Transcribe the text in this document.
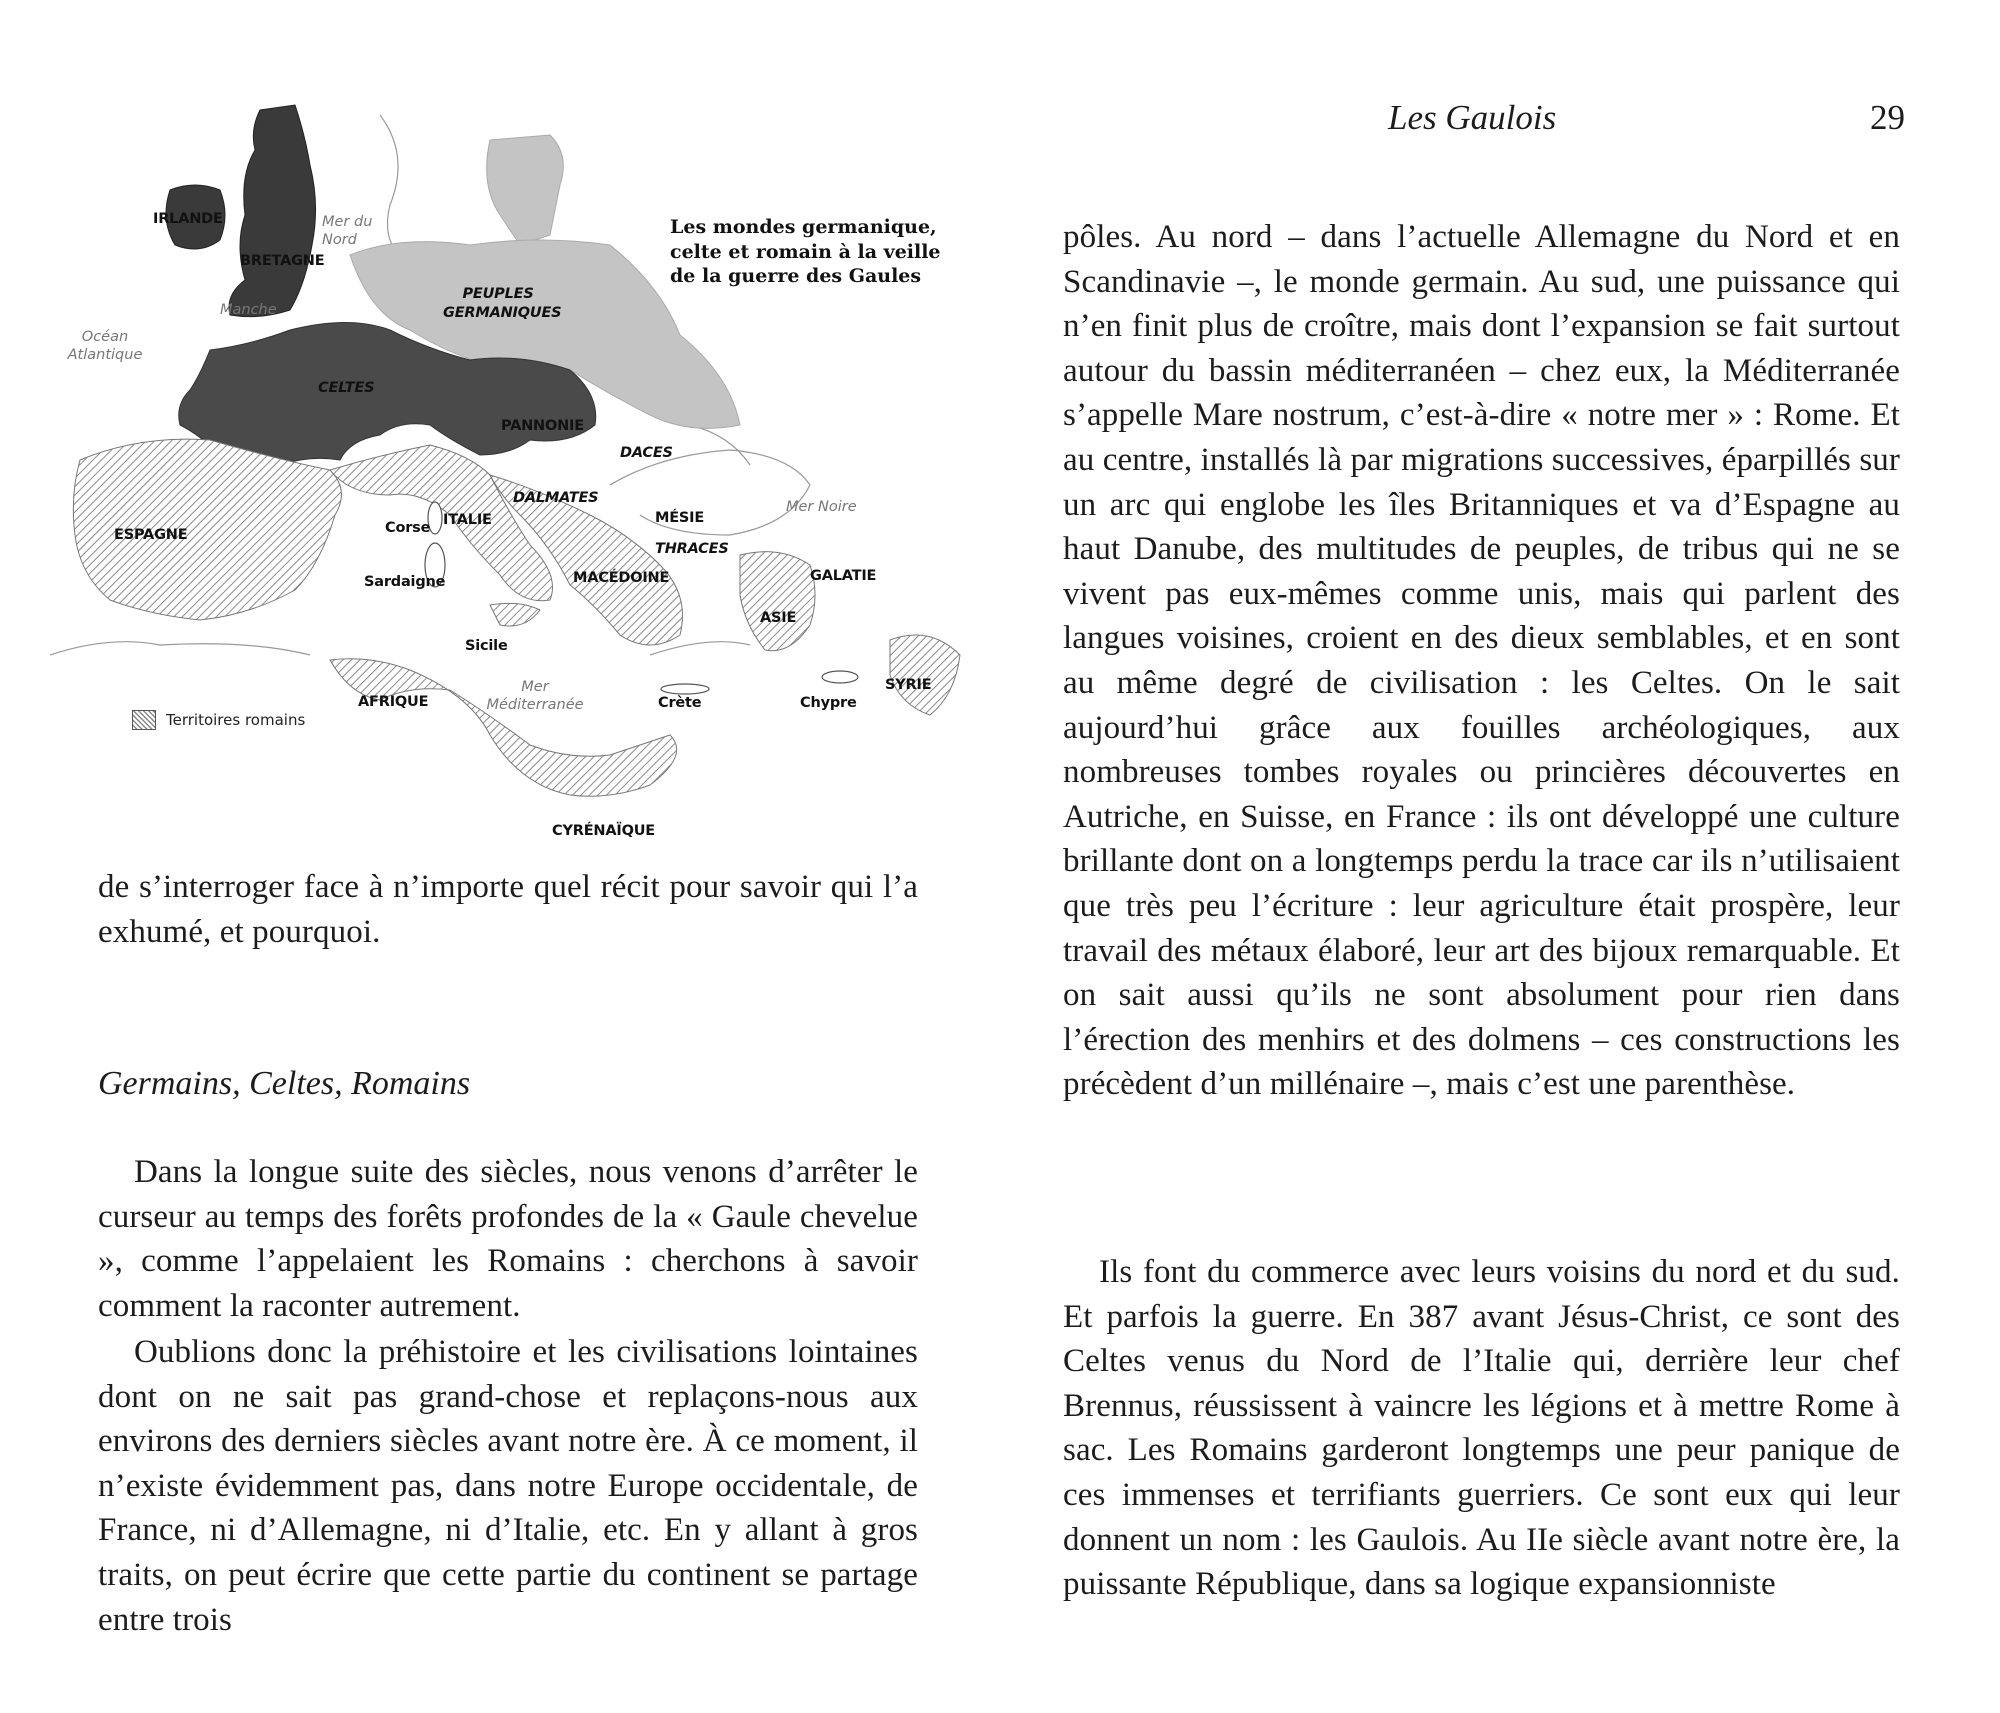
IRLANDE
BRETAGNE
PEUPLES GERMANIQUES
CELTES
PANNONIE
DACES
DALMATES
ESPAGNE	Corse ITALIE	MÉSIE
THRACES
Sardaigne	MACÉDOINE	GALATIE
ASIE
Sicile
AFRIQUE	Crète	Chypre
SYRIE
CYRÉNAÏQUE
Mer du Nord
Manche
Océan Atlantique
Mer Noire
Mer Méditerranée
Les mondes germanique, celte et romain à la veille de la guerre des Gaules
Territoires romains

de s’interroger face à n’importe quel récit pour savoir qui l’a exhumé, et pourquoi.

Germains, Celtes, Romains

Dans la longue suite des siècles, nous venons d’arrêter le curseur au temps des forêts profondes de la « Gaule chevelue », comme l’appelaient les Romains : cherchons à savoir comment la raconter autrement.

Oublions donc la préhistoire et les civilisations lointaines dont on ne sait pas grand-chose et replaçons-nous aux environs des derniers siècles avant notre ère. À ce moment, il n’existe évidemment pas, dans notre Europe occidentale, de France, ni d’Allemagne, ni d’Italie, etc. En y allant à gros traits, on peut écrire que cette partie du continent se partage entre trois

Les Gaulois	29

pôles. Au nord – dans l’actuelle Allemagne du Nord et en Scandinavie –, le monde germain. Au sud, une puissance qui n’en finit plus de croître, mais dont l’expansion se fait surtout autour du bassin méditerranéen – chez eux, la Méditerranée s’appelle Mare nostrum, c’est-à-dire « notre mer » : Rome. Et au centre, installés là par migrations successives, éparpillés sur un arc qui englobe les îles Britanniques et va d’Espagne au haut Danube, des multitudes de peuples, de tribus qui ne se vivent pas eux-mêmes comme unis, mais qui parlent des langues voisines, croient en des dieux semblables, et en sont au même degré de civilisation : les Celtes. On le sait aujourd’hui grâce aux fouilles archéologiques, aux nombreuses tombes royales ou princières découvertes en Autriche, en Suisse, en France : ils ont développé une culture brillante dont on a longtemps perdu la trace car ils n’utilisaient que très peu l’écriture : leur agriculture était prospère, leur travail des métaux élaboré, leur art des bijoux remarquable. Et on sait aussi qu’ils ne sont absolument pour rien dans l’érection des menhirs et des dolmens – ces constructions les précèdent d’un millénaire –, mais c’est une parenthèse.

Ils font du commerce avec leurs voisins du nord et du sud. Et parfois la guerre. En 387 avant Jésus-Christ, ce sont des Celtes venus du Nord de l’Italie qui, derrière leur chef Brennus, réussissent à vaincre les légions et à mettre Rome à sac. Les Romains garderont longtemps une peur panique de ces immenses et terrifiants guerriers. Ce sont eux qui leur donnent un nom : les Gaulois. Au IIe siècle avant notre ère, la puissante République, dans sa logique expansionniste
